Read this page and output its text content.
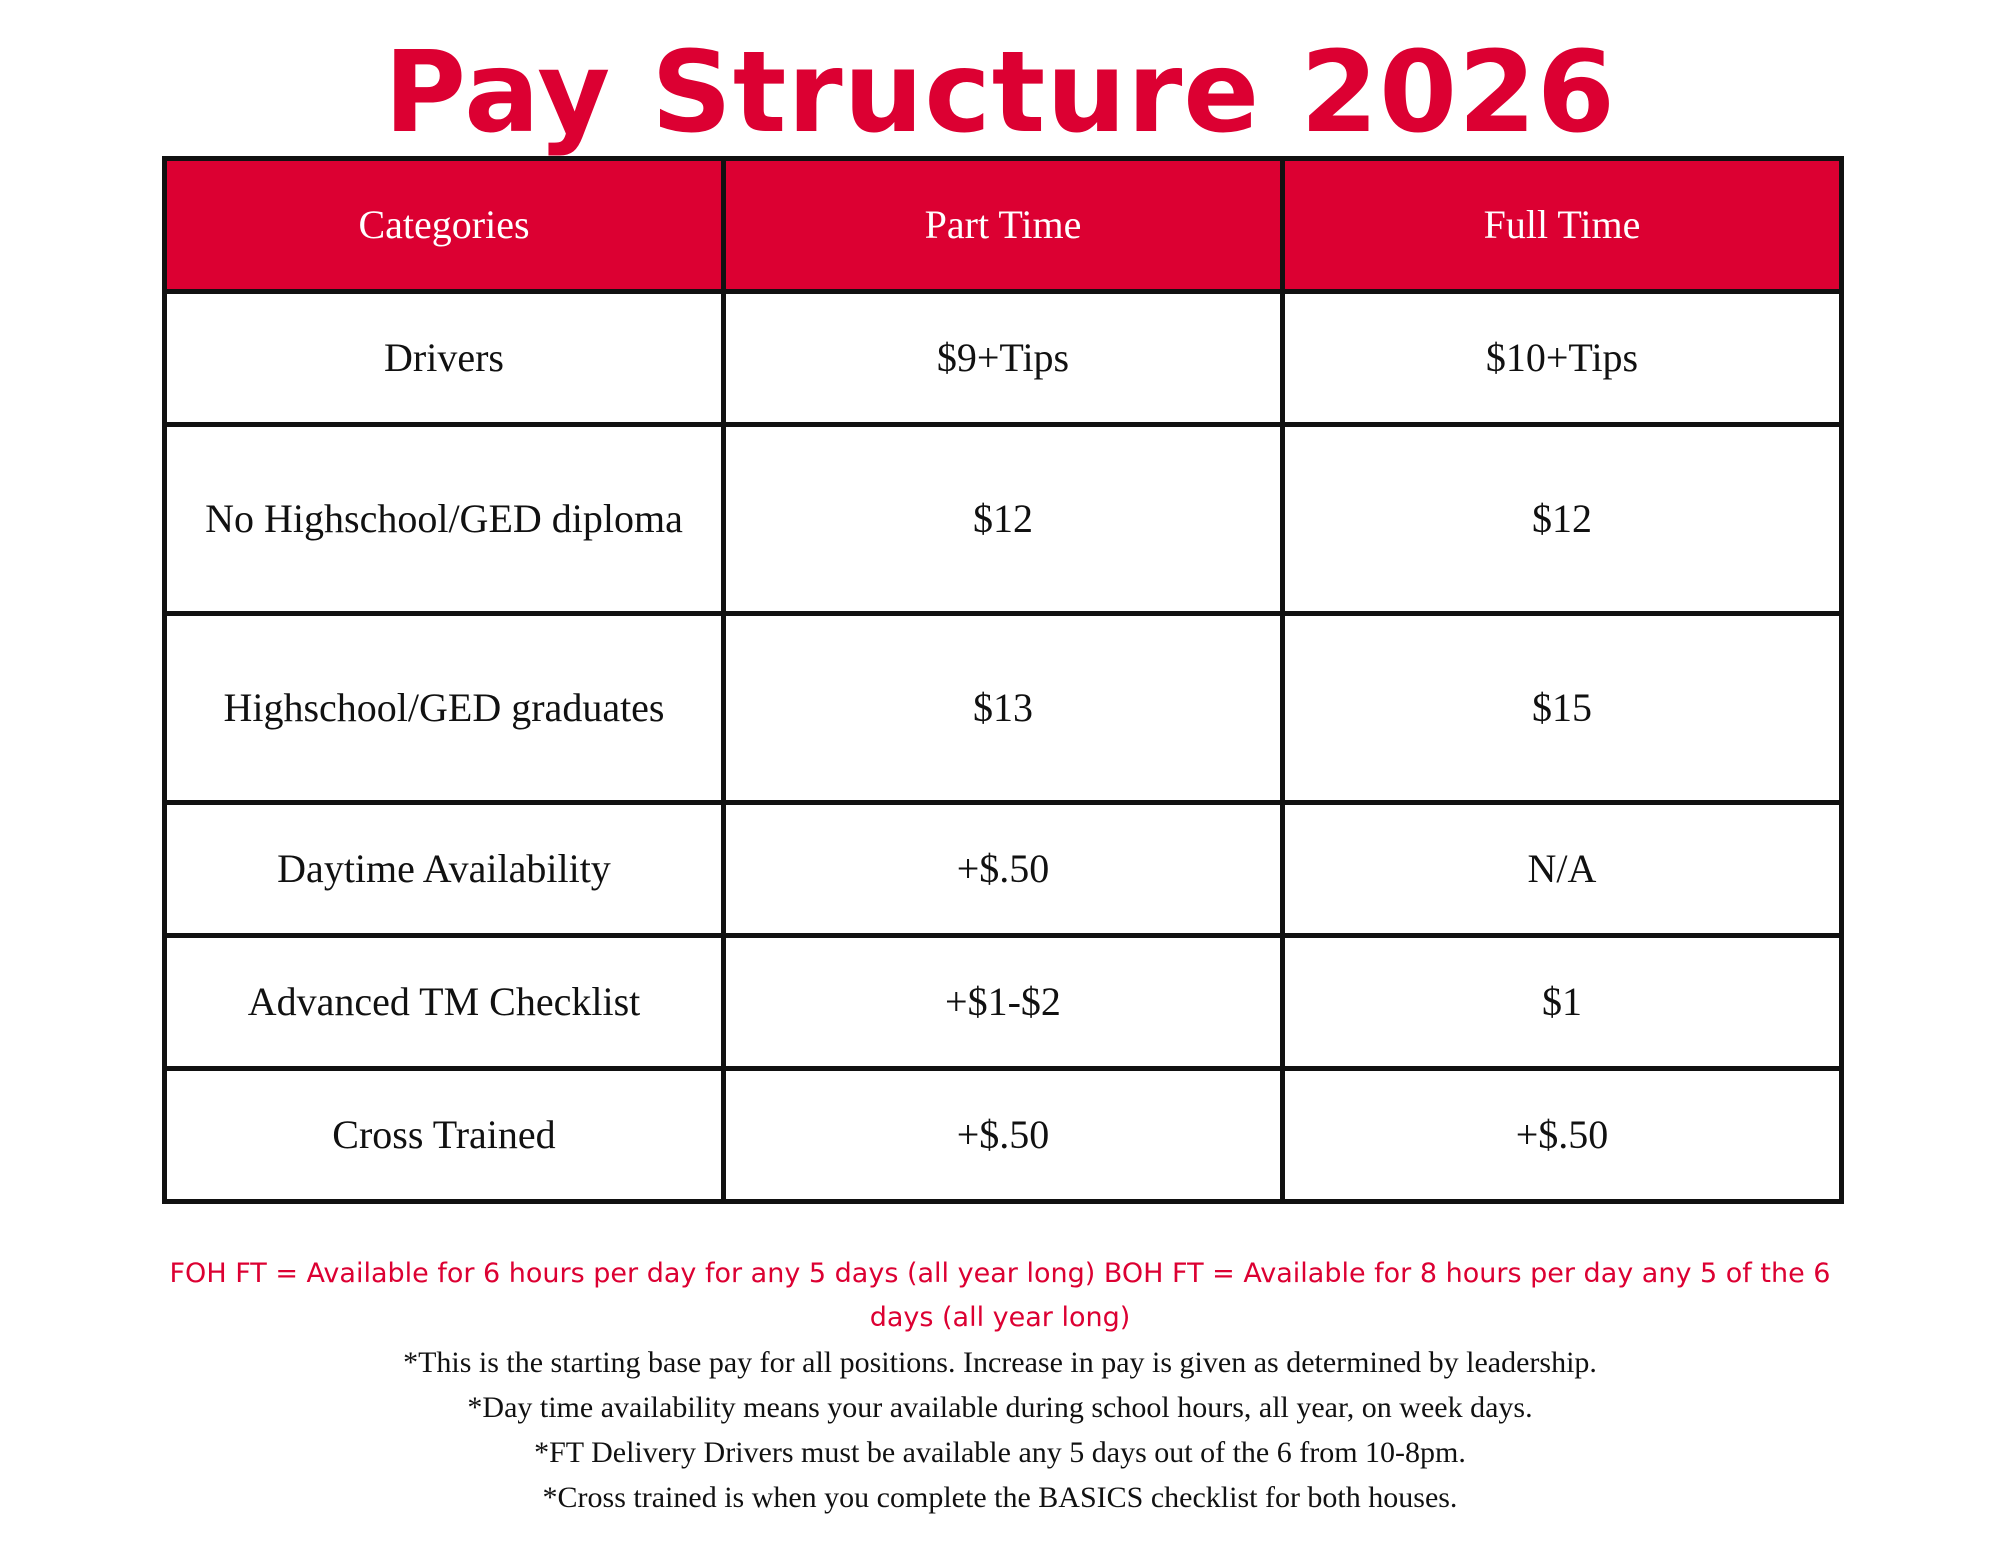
Pay Structure 2026
Categories	Part Time	Full Time
Drivers	$9+Tips	$10+Tips
No Highschool/GED diploma	$12	$12
Highschool/GED graduates	$13	$15
Daytime Availability	+$.50	N/A
Advanced TM Checklist	+$1-$2	$1
Cross Trained	+$.50	+$.50
FOH FT = Available for 6 hours per day for any 5 days (all year long) BOH FT = Available for 8 hours per day any 5 of the 6 days (all year long)
*This is the starting base pay for all positions. Increase in pay is given as determined by leadership.
*Day time availability means your available during school hours, all year, on week days.
*FT Delivery Drivers must be available any 5 days out of the 6 from 10-8pm.
*Cross trained is when you complete the BASICS checklist for both houses.
